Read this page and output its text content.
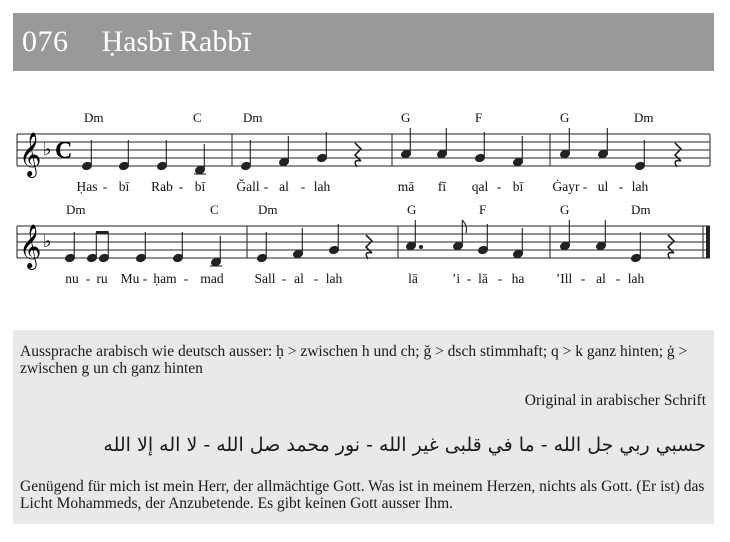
076 Ḥasbī Rabbī
𝄞 ♭ C
Dm	C	Dm	G	F	G	Dm
Ḥas - bī Rab - bī Ǧall - al - lah	mā fī qal - bī Ġayr - ul - lah
𝄞 ♭
Dm	C	Dm	G	F	G	Dm
nu - ru Mu - ḥam - mad Sall - al - lah	lā	ʼi - lā - ha ʼIll - al - lah
Aussprache arabisch wie deutsch ausser: ḥ > zwischen h und ch; ǧ > dsch stimmhaft; q > k ganz hinten; ġ > zwischen g un ch ganz hinten
Original in arabischer Schrift
حسبي ربي جل الله - ما في قلبى غير الله - نور محمد صل الله - لا اله إلا الله
Genügend für mich ist mein Herr, der allmächtige Gott. Was ist in meinem Herzen, nichts als Gott. (Er ist) das Licht Mohammeds, der Anzubetende. Es gibt keinen Gott ausser Ihm.
